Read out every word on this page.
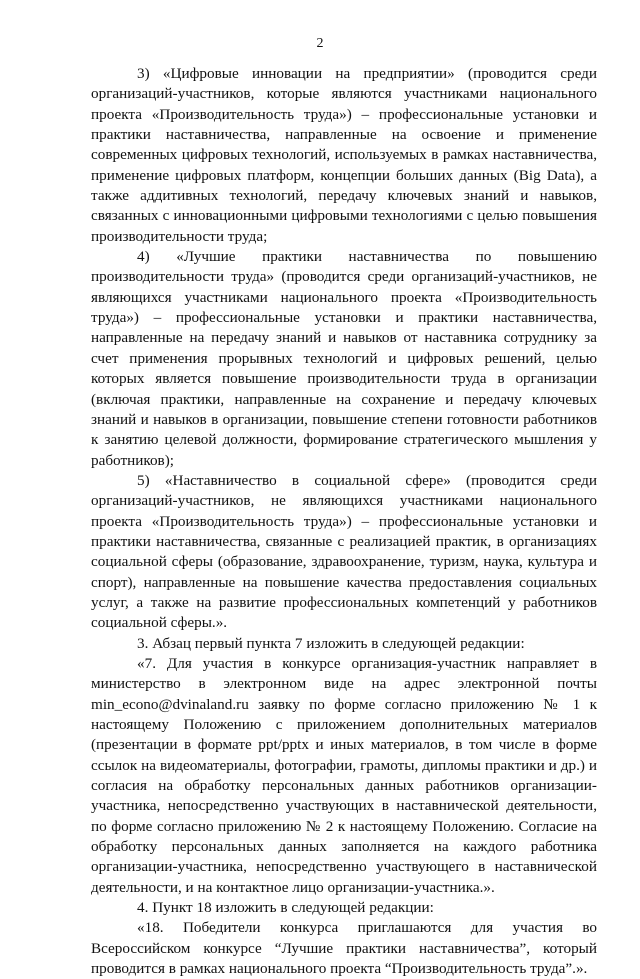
2

3) «Цифровые инновации на предприятии» (проводится среди организаций-участников, которые являются участниками национального проекта «Производительность труда») – профессиональные установки и практики наставничества, направленные на освоение и применение современных цифровых технологий, используемых в рамках наставничества, применение цифровых платформ, концепции больших данных (Big Data), а также аддитивных технологий, передачу ключевых знаний и навыков, связанных с инновационными цифровыми технологиями с целью повышения производительности труда;

4) «Лучшие практики наставничества по повышению производительности труда» (проводится среди организаций-участников, не являющихся участниками национального проекта «Производительность труда») – профессиональные установки и практики наставничества, направленные на передачу знаний и навыков от наставника сотруднику за счет применения прорывных технологий и цифровых решений, целью которых является повышение производительности труда в организации (включая практики, направленные на сохранение и передачу ключевых знаний и навыков в организации, повышение степени готовности работников к занятию целевой должности, формирование стратегического мышления у работников);

5) «Наставничество в социальной сфере» (проводится среди организаций-участников, не являющихся участниками национального проекта «Производительность труда») – профессиональные установки и практики наставничества, связанные с реализацией практик, в организациях социальной сферы (образование, здравоохранение, туризм, наука, культура и спорт), направленные на повышение качества предоставления социальных услуг, а также на развитие профессиональных компетенций у работников социальной сферы.».

3. Абзац первый пункта 7 изложить в следующей редакции:

«7. Для участия в конкурсе организация-участник направляет в министерство в электронном виде на адрес электронной почты min_econo@dvinaland.ru заявку по форме согласно приложению № 1 к настоящему Положению с приложением дополнительных материалов (презентации в формате ppt/pptx и иных материалов, в том числе в форме ссылок на видеоматериалы, фотографии, грамоты, дипломы практики и др.) и согласия на обработку персональных данных работников организации-участника, непосредственно участвующих в наставнической деятельности, по форме согласно приложению № 2 к настоящему Положению. Согласие на обработку персональных данных заполняется на каждого работника организации-участника, непосредственно участвующего в наставнической деятельности, и на контактное лицо организации-участника.».

4. Пункт 18 изложить в следующей редакции:

«18. Победители конкурса приглашаются для участия во Всероссийском конкурсе “Лучшие практики наставничества”, который проводится в рамках национального проекта “Производительность труда”.».
